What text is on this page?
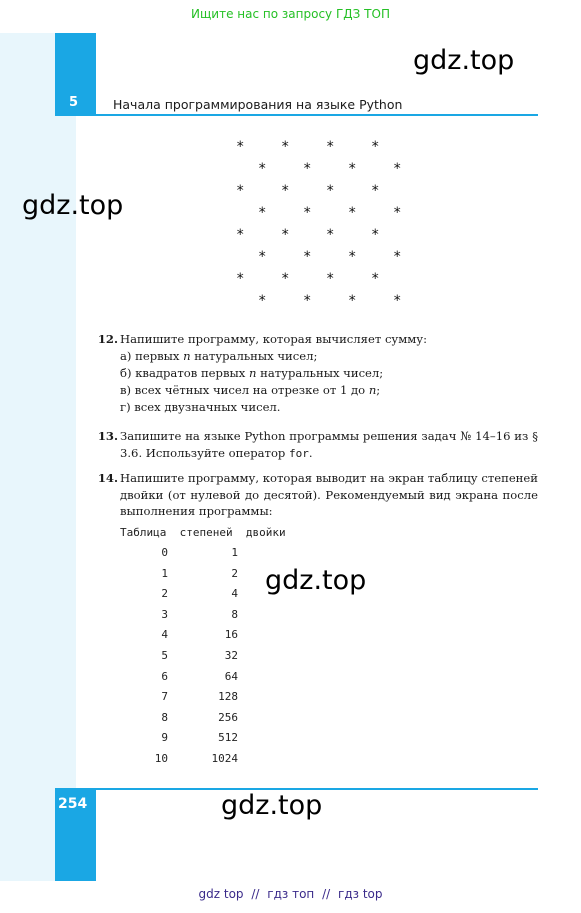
Ищите нас по запросу ГДЗ ТОП
5	Начала программирования на языке Python
gdz.top
gdz.top
gdz.top
gdz.top
*	*	*	*
*	*	*	*
*	*	*	*
*	*	*	*
*	*	*	*
*	*	*	*
*	*	*	*
*	*	*	*
12. Напишите программу, которая вычисляет сумму:
а) первых n натуральных чисел;
б) квадратов первых n натуральных чисел;
в) всех чётных чисел на отрезке от 1 до n;
г) всех двузначных чисел.
13. Запишите на языке Python программы решения задач № 14–16 из § 3.6. Используйте оператор for.
14. Напишите программу, которая выводит на экран таблицу степеней двойки (от нулевой до десятой). Рекомендуемый вид экрана после выполнения программы:
Таблица  степеней  двойки
0	1
1	2
2	4
3	8
4	16
5	32
6	64
7	128
8	256
9	512
10	1024
254
gdz top // гдз топ // гдз top
